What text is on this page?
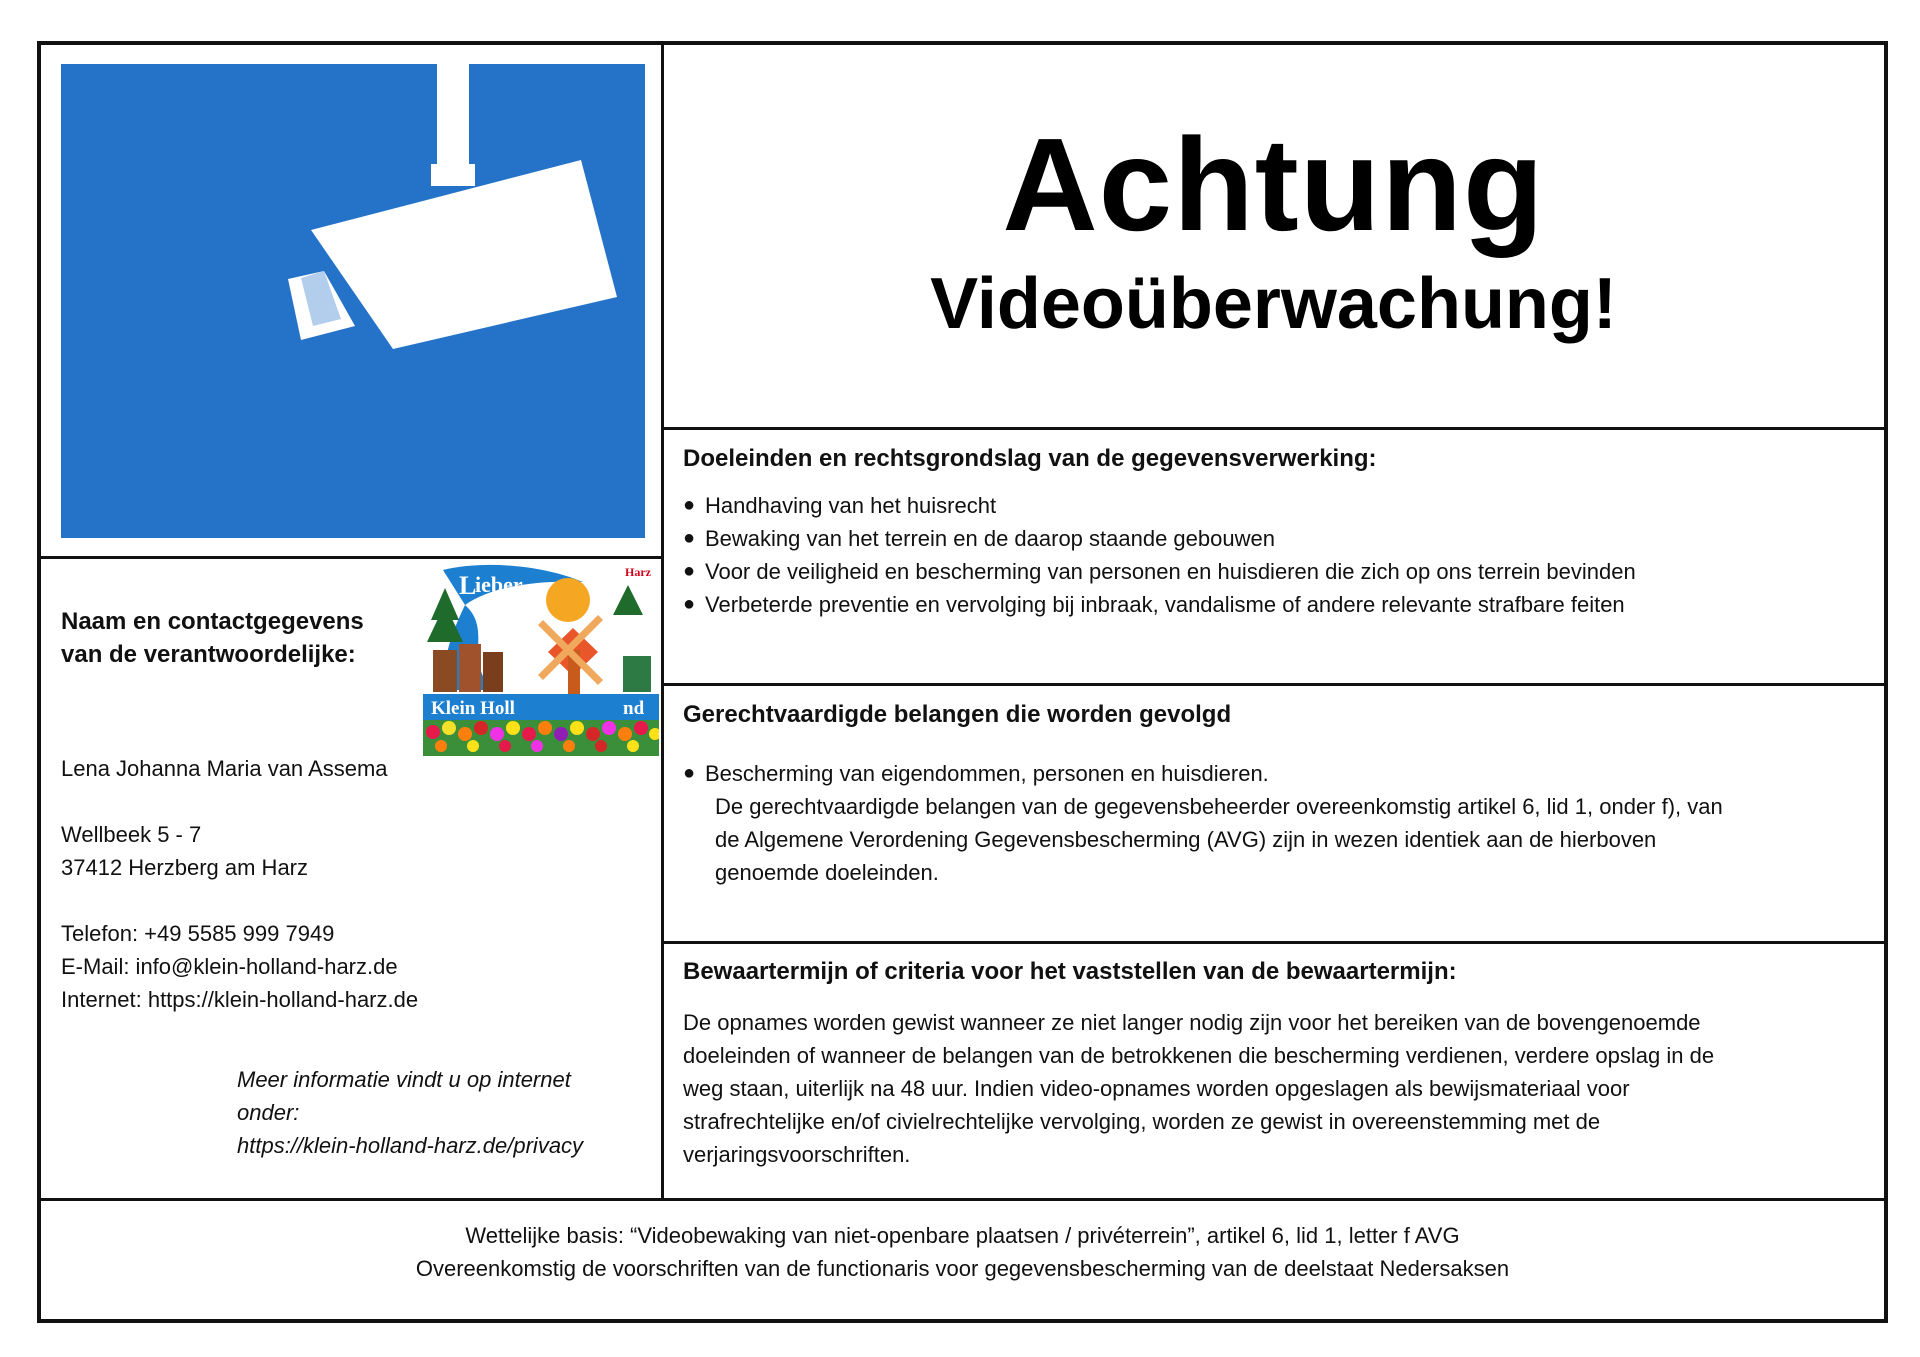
Achtung
Videoüberwachung!
Doeleinden en rechtsgrondslag van de gegevensverwerking:
● Handhaving van het huisrecht
● Bewaking van het terrein en de daarop staande gebouwen
● Voor de veiligheid en bescherming van personen en huisdieren die zich op ons terrein bevinden
● Verbeterde preventie en vervolging bij inbraak, vandalisme of andere relevante strafbare feiten
Gerechtvaardigde belangen die worden gevolgd
● Bescherming van eigendommen, personen en huisdieren.
De gerechtvaardigde belangen van de gegevensbeheerder overeenkomstig artikel 6, lid 1, onder f), van
de Algemene Verordening Gegevensbescherming (AVG) zijn in wezen identiek aan de hierboven
genoemde doeleinden.
Bewaartermijn of criteria voor het vaststellen van de bewaartermijn:
De opnames worden gewist wanneer ze niet langer nodig zijn voor het bereiken van de bovengenoemde
doeleinden of wanneer de belangen van de betrokkenen die bescherming verdienen, verdere opslag in de
weg staan, uiterlijk na 48 uur. Indien video-opnames worden opgeslagen als bewijsmateriaal voor
strafrechtelijke en/of civielrechtelijke vervolging, worden ze gewist in overeenstemming met de
verjaringsvoorschriften.
Klein Holl	nd
ieber
L	Harz
Naam en contactgegevens
van de verantwoordelijke:

Lena Johanna Maria van Assema

Wellbeek 5 - 7

37412 Herzberg am Harz

Telefon: +49 5585 999 7949

E-Mail: info@klein-holland-harz.de

Internet: https://klein-holland-harz.de

Meer informatie vindt u op internet
onder:
https://klein-holland-harz.de/privacy
Wettelijke basis: “Videobewaking van niet-openbare plaatsen / privéterrein”, artikel 6, lid 1, letter f AVG
Overeenkomstig de voorschriften van de functionaris voor gegevensbescherming van de deelstaat Nedersaksen
